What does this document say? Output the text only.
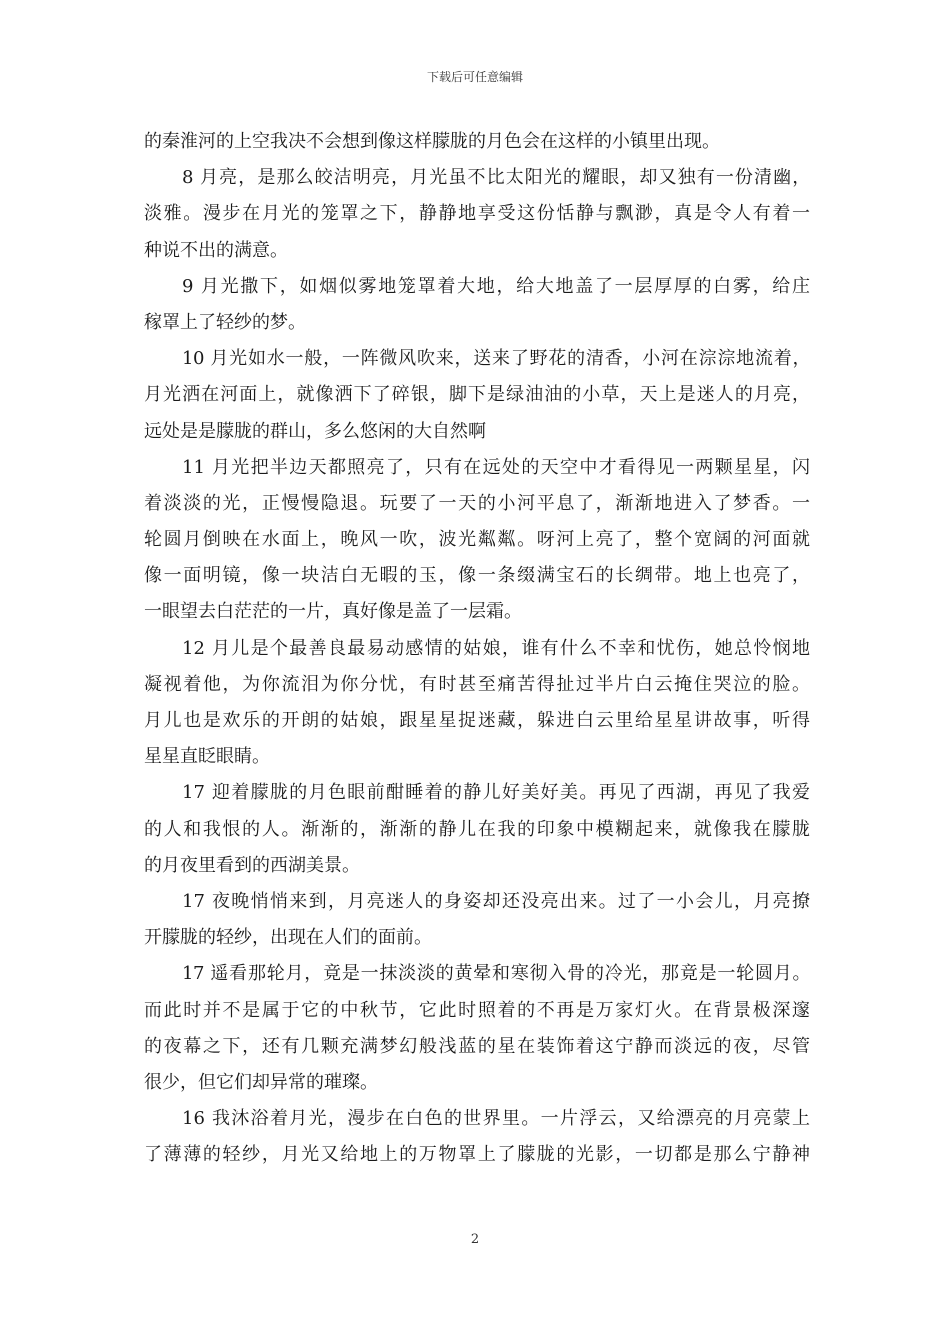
下载后可任意编辑
的秦淮河的上空我决不会想到像这样朦胧的月色会在这样的小镇里出现。
8 月亮，是那么皎洁明亮，月光虽不比太阳光的耀眼，却又独有一份清幽，
淡雅。漫步在月光的笼罩之下，静静地享受这份恬静与飘渺，真是令人有着一
种说不出的满意。
9 月光撒下，如烟似雾地笼罩着大地，给大地盖了一层厚厚的白雾，给庄
稼罩上了轻纱的梦。
10 月光如水一般，一阵微风吹来，送来了野花的清香，小河在淙淙地流着，
月光洒在河面上，就像洒下了碎银，脚下是绿油油的小草，天上是迷人的月亮，
远处是是朦胧的群山，多么悠闲的大自然啊
11 月光把半边天都照亮了，只有在远处的天空中才看得见一两颗星星，闪
着淡淡的光，正慢慢隐退。玩要了一天的小河平息了，渐渐地进入了梦香。一
轮圆月倒映在水面上，晚风一吹，波光粼粼。呀河上亮了，整个宽阔的河面就
像一面明镜，像一块洁白无暇的玉，像一条缀满宝石的长绸带。地上也亮了，
一眼望去白茫茫的一片，真好像是盖了一层霜。
12 月儿是个最善良最易动感情的姑娘，谁有什么不幸和忧伤，她总怜悯地
凝视着他，为你流泪为你分忧，有时甚至痛苦得扯过半片白云掩住哭泣的脸。
月儿也是欢乐的开朗的姑娘，跟星星捉迷藏，躲进白云里给星星讲故事，听得
星星直眨眼睛。
17 迎着朦胧的月色眼前酣睡着的静儿好美好美。再见了西湖，再见了我爱
的人和我恨的人。渐渐的，渐渐的静儿在我的印象中模糊起来，就像我在朦胧
的月夜里看到的西湖美景。
17 夜晚悄悄来到，月亮迷人的身姿却还没亮出来。过了一小会儿，月亮撩
开朦胧的轻纱，出现在人们的面前。
17 遥看那轮月，竟是一抹淡淡的黄晕和寒彻入骨的冷光，那竟是一轮圆月。
而此时并不是属于它的中秋节，它此时照着的不再是万家灯火。在背景极深邃
的夜幕之下，还有几颗充满梦幻般浅蓝的星在装饰着这宁静而淡远的夜，尽管
很少，但它们却异常的璀璨。
16 我沐浴着月光，漫步在白色的世界里。一片浮云，又给漂亮的月亮蒙上
了薄薄的轻纱，月光又给地上的万物罩上了朦胧的光影，一切都是那么宁静神
2
